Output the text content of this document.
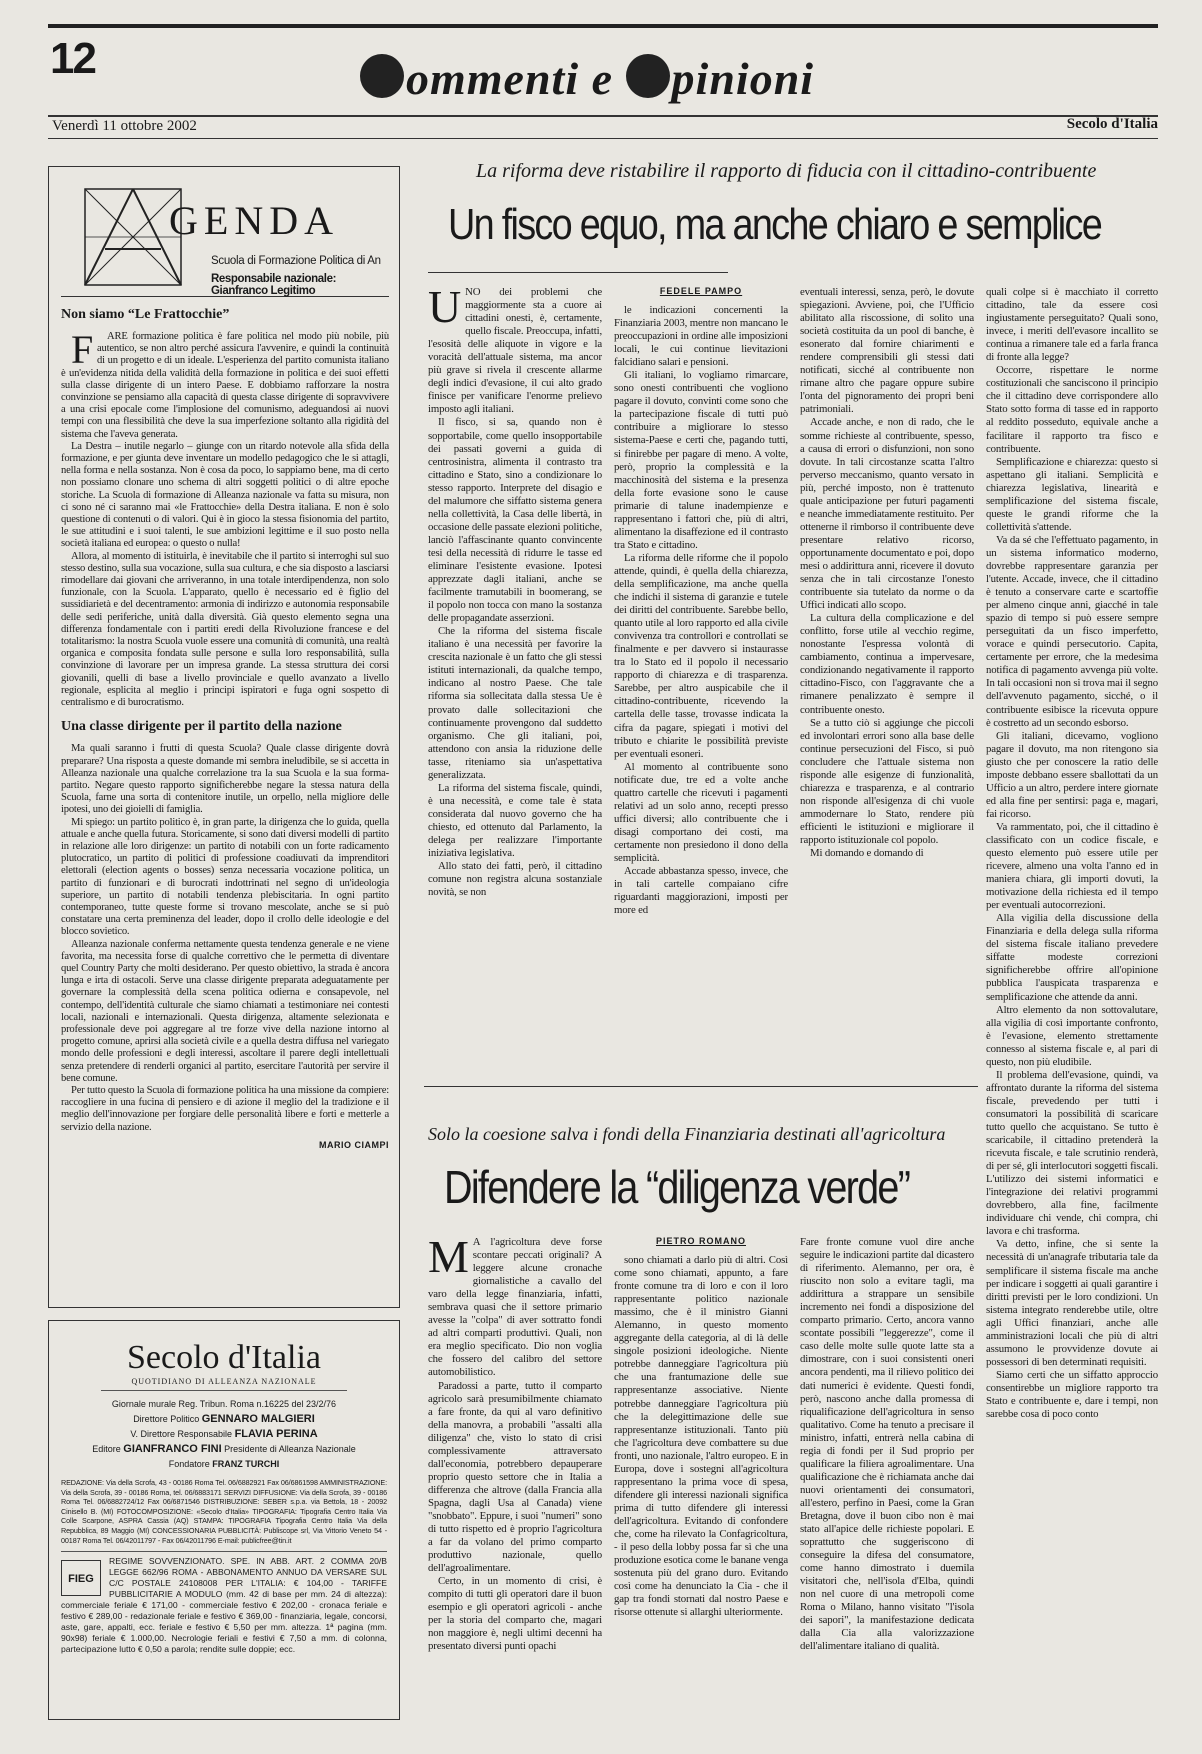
12	ommenti e pinioni
Venerdì 11 ottobre 2002	Secolo d'Italia
GENDA
Scuola di Formazione Politica di An
Responsabile nazionale: Gianfranco Legitimo
Non siamo “Le Frattocchie”

FARE formazione politica è fare politica nel modo più nobile, più autentico, se non altro perché assicura l'avvenire, e quindi la continuità di un progetto e di un ideale. L'esperienza del partito comunista italiano è un'evidenza nitida della validità della formazione in politica e dei suoi effetti sulla classe dirigente di un intero Paese. E dobbiamo rafforzare la nostra convinzione se pensiamo alla capacità di questa classe dirigente di sopravvivere a una crisi epocale come l'implosione del comunismo, adeguandosi ai nuovi tempi con una flessibilità che deve la sua imperfezione soltanto alla rigidità del sistema che l'aveva generata.

La Destra – inutile negarlo – giunge con un ritardo notevole alla sfida della formazione, e per giunta deve inventare un modello pedagogico che le si attagli, nella forma e nella sostanza. Non è cosa da poco, lo sappiamo bene, ma di certo non possiamo clonare uno schema di altri soggetti politici o di altre epoche storiche. La Scuola di formazione di Alleanza nazionale va fatta su misura, non ci sono né ci saranno mai «le Frattocchie» della Destra italiana. E non è solo questione di contenuti o di valori. Qui è in gioco la stessa fisionomia del partito, le sue attitudini e i suoi talenti, le sue ambizioni legittime e il suo posto nella società italiana ed europea: o questo o nulla!

Allora, al momento di istituirla, è inevitabile che il partito si interroghi sul suo stesso destino, sulla sua vocazione, sulla sua cultura, e che sia disposto a lasciarsi rimodellare dai giovani che arriveranno, in una totale interdipendenza, non solo funzionale, con la Scuola. L'apparato, quello è necessario ed è figlio del sussidiarietà e del decentramento: armonia di indirizzo e autonomia responsabile delle sedi periferiche, unità dalla diversità. Già questo elemento segna una differenza fondamentale con i partiti eredi della Rivoluzione francese e del totalitarismo: la nostra Scuola vuole essere una comunità di comunità, una realtà organica e composita fondata sulle persone e sulla loro responsabilità, sulla convinzione di lavorare per un impresa grande. La stessa struttura dei corsi giovanili, quelli di base a livello provinciale e quello avanzato a livello regionale, esplicita al meglio i principi ispiratori e fuga ogni sospetto di centralismo e di burocratismo.

Una classe dirigente per il partito della nazione

Ma quali saranno i frutti di questa Scuola? Quale classe dirigente dovrà preparare? Una risposta a queste domande mi sembra ineludibile, se si accetta in Alleanza nazionale una qualche correlazione tra la sua Scuola e la sua forma-partito. Negare questo rapporto significherebbe negare la stessa natura della Scuola, farne una sorta di contenitore inutile, un orpello, nella migliore delle ipotesi, uno dei gioielli di famiglia.

Mi spiego: un partito politico è, in gran parte, la dirigenza che lo guida, quella attuale e anche quella futura. Storicamente, si sono dati diversi modelli di partito in relazione alle loro dirigenze: un partito di notabili con un forte radicamento plutocratico, un partito di politici di professione coadiuvati da imprenditori elettorali (election agents o bosses) senza necessaria vocazione politica, un partito di funzionari e di burocrati indottrinati nel segno di un'ideologia superiore, un partito di notabili tendenza plebiscitaria. In ogni partito contemporaneo, tutte queste forme si trovano mescolate, anche se si può constatare una certa preminenza del leader, dopo il crollo delle ideologie e del blocco sovietico.

Alleanza nazionale conferma nettamente questa tendenza generale e ne viene favorita, ma necessita forse di qualche correttivo che le permetta di diventare quel Country Party che molti desiderano. Per questo obiettivo, la strada è ancora lunga e irta di ostacoli. Serve una classe dirigente preparata adeguatamente per governare la complessità della scena politica odierna e consapevole, nel contempo, dell'identità culturale che siamo chiamati a testimoniare nei contesti locali, nazionali e internazionali. Questa dirigenza, altamente selezionata e professionale deve poi aggregare al tre forze vive della nazione intorno al progetto comune, aprirsi alla società civile e a quella destra diffusa nel variegato mondo delle professioni e degli interessi, ascoltare il parere degli intellettuali senza pretendere di renderli organici al partito, esercitare l'autorità per servire il bene comune.

Per tutto questo la Scuola di formazione politica ha una missione da compiere: raccogliere in una fucina di pensiero e di azione il meglio del la tradizione e il meglio dell'innovazione per forgiare delle personalità libere e forti e metterle a servizio della nazione.

MARIO CIAMPI
Secolo d'Italia
QUOTIDIANO DI ALLEANZA NAZIONALE
Giornale murale Reg. Tribun. Roma n.16225 del 23/2/76
Direttore Politico GENNARO MALGIERI
V. Direttore Responsabile FLAVIA PERINA
Editore GIANFRANCO FINI Presidente di Alleanza Nazionale
Fondatore FRANZ TURCHI
REDAZIONE: Via della Scrofa, 43 - 00186 Roma Tel. 06/6882921 Fax 06/6861598 AMMINISTRAZIONE: Via della Scrofa, 39 - 00186 Roma, tel. 06/6883171 SERVIZI DIFFUSIONE: Via della Scrofa, 39 - 00186 Roma Tel. 06/6882724/12 Fax 06/6871546 DISTRIBUZIONE: SEBER s.p.a. via Bettola, 18 - 20092 Cinisello B. (MI) FOTOCOMPOSIZIONE: «Secolo d'Italia» TIPOGRAFIA: Tipografia Centro Italia Via Colle Scarpone, ASPRA Cassia (AQ) STAMPA: TIPOGRAFIA Tipografia Centro Italia Via della Repubblica, 89 Maggio (MI) CONCESSIONARIA PUBBLICITÀ: Publiscope srl, Via Vittorio Veneto 54 - 00187 Roma Tel. 06/42011797 - Fax 06/42011796 E-mail: publicfree@tin.it
FIEG
REGIME SOVVENZIONATO. SPE. IN ABB. ART. 2 COMMA 20/B LEGGE 662/96 ROMA - ABBONAMENTO ANNUO DA VERSARE SUL C/C POSTALE 24108008 PER L'ITALIA: € 104,00 - TARIFFE PUBBLICITARIE A MODULO (mm. 42 di base per mm. 24 di altezza): commerciale feriale € 171,00 - commerciale festivo € 202,00 - cronaca feriale e festivo € 289,00 - redazionale feriale e festivo € 369,00 - finanziaria, legale, concorsi, aste, gare, appalti, ecc. feriale e festivo € 5,50 per mm. altezza. 1ª pagina (mm. 90x98) feriale € 1.000,00. Necrologie feriali e festivi € 7,50 a mm. di colonna, partecipazione lutto € 0,50 a parola; rendite sulle doppie; ecc.
La riforma deve ristabilire il rapporto di fiducia con il cittadino-contribuente
Un fisco equo, ma anche chiaro e semplice

UNO dei problemi che maggiormente sta a cuore ai cittadini onesti, è, certamente, quello fiscale. Preoccupa, infatti, l'esosità delle aliquote in vigore e la voracità dell'attuale sistema, ma ancor più grave si rivela il crescente allarme degli indici d'evasione, il cui alto grado finisce per vanificare l'enorme prelievo imposto agli italiani.

Il fisco, si sa, quando non è sopportabile, come quello insopportabile dei passati governi a guida di centrosinistra, alimenta il contrasto tra cittadino e Stato, sino a condizionare lo stesso rapporto. Interprete del disagio e del malumore che siffatto sistema genera nella collettività, la Casa delle libertà, in occasione delle passate elezioni politiche, lanciò l'affascinante quanto convincente tesi della necessità di ridurre le tasse ed eliminare l'esistente evasione. Ipotesi apprezzate dagli italiani, anche se facilmente tramutabili in boomerang, se il popolo non tocca con mano la sostanza delle propagandate asserzioni.

Che la riforma del sistema fiscale italiano è una necessità per favorire la crescita nazionale è un fatto che gli stessi istituti internazionali, da qualche tempo, indicano al nostro Paese. Che tale riforma sia sollecitata dalla stessa Ue è provato dalle sollecitazioni che continuamente provengono dal suddetto organismo. Che gli italiani, poi, attendono con ansia la riduzione delle tasse, riteniamo sia un'aspettativa generalizzata.

La riforma del sistema fiscale, quindi, è una necessità, e come tale è stata considerata dal nuovo governo che ha chiesto, ed ottenuto dal Parlamento, la delega per realizzare l'importante iniziativa legislativa.

Allo stato dei fatti, però, il cittadino comune non registra alcuna sostanziale novità, se non

FEDELE PAMPO

le indicazioni concernenti la Finanziaria 2003, mentre non mancano le preoccupazioni in ordine alle imposizioni locali, le cui continue lievitazioni falcidiano salari e pensioni.

Gli italiani, lo vogliamo rimarcare, sono onesti contribuenti che vogliono pagare il dovuto, convinti come sono che la partecipazione fiscale di tutti può contribuire a migliorare lo stesso sistema-Paese e certi che, pagando tutti, si finirebbe per pagare di meno. A volte, però, proprio la complessità e la macchinosità del sistema e la presenza della forte evasione sono le cause primarie di talune inadempienze e rappresentano i fattori che, più di altri, alimentano la disaffezione ed il contrasto tra Stato e cittadino.

La riforma delle riforme che il popolo attende, quindi, è quella della chiarezza, della semplificazione, ma anche quella che indichi il sistema di garanzie e tutele dei diritti del contribuente. Sarebbe bello, quanto utile al loro rapporto ed alla civile convivenza tra controllori e controllati se finalmente e per davvero si instaurasse tra lo Stato ed il popolo il necessario rapporto di chiarezza e di trasparenza. Sarebbe, per altro auspicabile che il cittadino-contribuente, ricevendo la cartella delle tasse, trovasse indicata la cifra da pagare, spiegati i motivi del tributo e chiarite le possibilità previste per eventuali esoneri.

Al momento al contribuente sono notificate due, tre ed a volte anche quattro cartelle che ricevuti i pagamenti relativi ad un solo anno, recepti presso uffici diversi; allo contribuente che i disagi comportano dei costi, ma certamente non presiedono il dono della semplicità.

Accade abbastanza spesso, invece, che in tali cartelle compaiano cifre riguardanti maggiorazioni, imposti per more ed

eventuali interessi, senza, però, le dovute spiegazioni. Avviene, poi, che l'Ufficio abilitato alla riscossione, di solito una società costituita da un pool di banche, è esonerato dal fornire chiarimenti e rendere comprensibili gli stessi dati notificati, sicché al contribuente non rimane altro che pagare oppure subire l'onta del pignoramento dei propri beni patrimoniali.

Accade anche, e non di rado, che le somme richieste al contribuente, spesso, a causa di errori o disfunzioni, non sono dovute. In tali circostanze scatta l'altro perverso meccanismo, quanto versato in più, perché imposto, non è trattenuto quale anticipazione per futuri pagamenti e neanche immediatamente restituito. Per ottenerne il rimborso il contribuente deve presentare relativo ricorso, opportunamente documentato e poi, dopo mesi o addirittura anni, ricevere il dovuto senza che in tali circostanze l'onesto contribuente sia tutelato da norme o da Uffici indicati allo scopo.

La cultura della complicazione e del conflitto, forse utile al vecchio regime, nonostante l'espressa volontà di cambiamento, continua a impervesare, condizionando negativamente il rapporto cittadino-Fisco, con l'aggravante che a rimanere penalizzato è sempre il contribuente onesto.

Se a tutto ciò si aggiunge che piccoli ed involontari errori sono alla base delle continue persecuzioni del Fisco, si può concludere che l'attuale sistema non risponde alle esigenze di funzionalità, chiarezza e trasparenza, e al contrario non risponde all'esigenza di chi vuole ammodernare lo Stato, rendere più efficienti le istituzioni e migliorare il rapporto istituzionale col popolo.

Mi domando e domando di

quali colpe si è macchiato il corretto cittadino, tale da essere così ingiustamente perseguitato? Quali sono, invece, i meriti dell'evasore incallito se continua a rimanere tale ed a farla franca di fronte alla legge?

Occorre, rispettare le norme costituzionali che sanciscono il principio che il cittadino deve corrispondere allo Stato sotto forma di tasse ed in rapporto al reddito posseduto, equivale anche a facilitare il rapporto tra fisco e contribuente.

Semplificazione e chiarezza: questo si aspettano gli italiani. Semplicità e chiarezza legislativa, linearità e semplificazione del sistema fiscale, queste le grandi riforme che la collettività s'attende.

Va da sé che l'effettuato pagamento, in un sistema informatico moderno, dovrebbe rappresentare garanzia per l'utente. Accade, invece, che il cittadino è tenuto a conservare carte e scartoffie per almeno cinque anni, giacché in tale spazio di tempo si può essere sempre perseguitati da un fisco imperfetto, vorace e quindi persecutorio. Capita, certamente per errore, che la medesima notifica di pagamento avvenga più volte. In tali occasioni non si trova mai il segno dell'avvenuto pagamento, sicché, o il contribuente esibisce la ricevuta oppure è costretto ad un secondo esborso.

Gli italiani, dicevamo, vogliono pagare il dovuto, ma non ritengono sia giusto che per conoscere la ratio delle imposte debbano essere sballottati da un Ufficio a un altro, perdere intere giornate ed alla fine per sentirsi: paga e, magari, fai ricorso.

Va rammentato, poi, che il cittadino è classificato con un codice fiscale, e questo elemento può essere utile per ricevere, almeno una volta l'anno ed in maniera chiara, gli importi dovuti, la motivazione della richiesta ed il tempo per eventuali autocorrezioni.

Alla vigilia della discussione della Finanziaria e della delega sulla riforma del sistema fiscale italiano prevedere siffatte modeste correzioni significherebbe offrire all'opinione pubblica l'auspicata trasparenza e semplificazione che attende da anni.

Altro elemento da non sottovalutare, alla vigilia di così importante confronto, è l'evasione, elemento strettamente connesso al sistema fiscale e, al pari di questo, non più eludibile.

Il problema dell'evasione, quindi, va affrontato durante la riforma del sistema fiscale, prevedendo per tutti i consumatori la possibilità di scaricare tutto quello che acquistano. Se tutto è scaricabile, il cittadino pretenderà la ricevuta fiscale, e tale scrutinio renderà, di per sé, gli interlocutori soggetti fiscali. L'utilizzo dei sistemi informatici e l'integrazione dei relativi programmi dovrebbero, alla fine, facilmente individuare chi vende, chi compra, chi lavora e chi trasforma.

Va detto, infine, che si sente la necessità di un'anagrafe tributaria tale da semplificare il sistema fiscale ma anche per indicare i soggetti ai quali garantire i diritti previsti per le loro condizioni. Un sistema integrato renderebbe utile, oltre agli Uffici finanziari, anche alle amministrazioni locali che più di altri assumono le provvidenze dovute ai possessori di ben determinati requisiti.

Siamo certi che un siffatto approccio consentirebbe un migliore rapporto tra Stato e contribuente e, dare i tempi, non sarebbe cosa di poco conto

Solo la coesione salva i fondi della Finanziaria destinati all'agricoltura
Difendere la “diligenza verde”

MA l'agricoltura deve forse scontare peccati originali? A leggere alcune cronache giornalistiche a cavallo del varo della legge finanziaria, infatti, sembrava quasi che il settore primario avesse la "colpa" di aver sottratto fondi ad altri comparti produttivi. Quali, non era meglio specificato. Dio non voglia che fossero del calibro del settore automobilistico.

Paradossi a parte, tutto il comparto agricolo sarà presumibilmente chiamato a fare fronte, da qui al varo definitivo della manovra, a probabili "assalti alla diligenza" che, visto lo stato di crisi complessivamente attraversato dall'economia, potrebbero depauperare proprio questo settore che in Italia a differenza che altrove (dalla Francia alla Spagna, dagli Usa al Canada) viene "snobbato". Eppure, i suoi "numeri" sono di tutto rispetto ed è proprio l'agricoltura a far da volano del primo comparto produttivo nazionale, quello dell'agroalimentare.

Certo, in un momento di crisi, è compito di tutti gli operatori dare il buon esempio e gli operatori agricoli - anche per la storia del comparto che, magari non maggiore è, negli ultimi decenni ha presentato diversi punti opachi

PIETRO ROMANO

sono chiamati a darlo più di altri. Così come sono chiamati, appunto, a fare fronte comune tra di loro e con il loro rappresentante politico nazionale massimo, che è il ministro Gianni Alemanno, in questo momento aggregante della categoria, al di là delle singole posizioni ideologiche. Niente potrebbe danneggiare l'agricoltura più che una frantumazione delle sue rappresentanze associative. Niente potrebbe danneggiare l'agricoltura più che la delegittimazione delle sue rappresentanze istituzionali. Tanto più che l'agricoltura deve combattere su due fronti, uno nazionale, l'altro europeo. E in Europa, dove i sostegni all'agricoltura rappresentano la prima voce di spesa, difendere gli interessi nazionali significa prima di tutto difendere gli interessi dell'agricoltura. Evitando di confondere che, come ha rilevato la Confagricoltura, - il peso della lobby possa far sì che una produzione esotica come le banane venga sostenuta più del grano duro. Evitando così come ha denunciato la Cia - che il gap tra fondi stornati dal nostro Paese e risorse ottenute si allarghi ulteriormente.

Fare fronte comune vuol dire anche seguire le indicazioni partite dal dicastero di riferimento. Alemanno, per ora, è riuscito non solo a evitare tagli, ma addirittura a strappare un sensibile incremento nei fondi a disposizione del comparto primario. Certo, ancora vanno scontate possibili "leggerezze", come il caso delle molte sulle quote latte sta a dimostrare, con i suoi consistenti oneri ancora pendenti, ma il rilievo politico dei dati numerici è evidente. Questi fondi, però, nascono anche dalla promessa di riqualificazione dell'agricoltura in senso qualitativo. Come ha tenuto a precisare il ministro, infatti, entrerà nella cabina di regia di fondi per il Sud proprio per qualificare la filiera agroalimentare. Una qualificazione che è richiamata anche dai nuovi orientamenti dei consumatori, all'estero, perfino in Paesi, come la Gran Bretagna, dove il buon cibo non è mai stato all'apice delle richieste popolari. E soprattutto che suggeriscono di conseguire la difesa del consumatore, come hanno dimostrato i duemila visitatori che, nell'isola d'Elba, quindi non nel cuore di una metropoli come Roma o Milano, hanno visitato "l'isola dei sapori", la manifestazione dedicata dalla Cia alla valorizzazione dell'alimentare italiano di qualità.
